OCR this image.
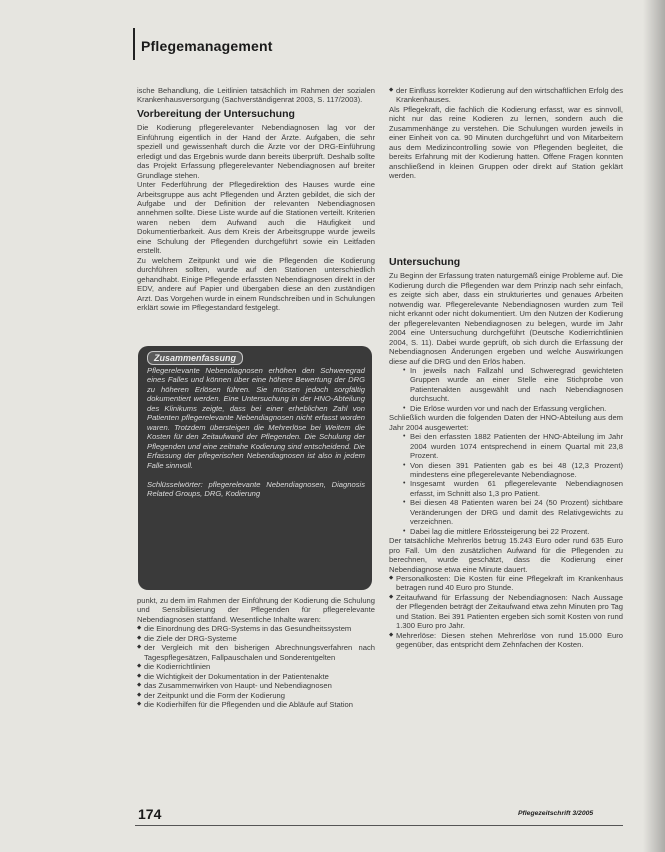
Pflegemanagement

ische Behandlung, die Leitlinien tatsächlich im Rahmen der sozialen Krankenhausversorgung (Sachverständigenrat 2003, S. 117/2003).

Vorbereitung der Untersuchung

Die Kodierung pflegerelevanter Nebendiagnosen lag vor der Einführung eigentlich in der Hand der Ärzte. Aufgaben, die sehr speziell und gewissenhaft durch die Ärzte vor der DRG-Einführung erledigt und das Ergebnis wurde dann bereits überprüft. Deshalb sollte das Projekt Erfassung pflegerelevanter Nebendiagnosen auf breiter Grundlage stehen.

Unter Federführung der Pflegedirektion des Hauses wurde eine Arbeitsgruppe aus acht Pflegenden und Ärzten gebildet, die sich der Aufgabe und der Definition der relevanten Nebendiagnosen annehmen sollte. Diese Liste wurde auf die Stationen verteilt. Kriterien waren neben dem Aufwand auch die Häufigkeit und Dokumentierbarkeit. Aus dem Kreis der Arbeitsgruppe wurde jeweils eine Schulung der Pflegenden durchgeführt sowie ein Leitfaden erstellt.

Zu welchem Zeitpunkt und wie die Pflegenden die Kodierung durchführen sollten, wurde auf den Stationen unterschiedlich gehandhabt. Einige Pflegende erfassten Nebendiagnosen direkt in der EDV, andere auf Papier und übergaben diese an den zuständigen Arzt. Das Vorgehen wurde in einem Rundschreiben und in Schulungen erklärt sowie im Pflegestandard festgelegt.

Pflegerelevante Nebendiagnosen erhöhen den Schweregrad eines Falles und können über eine höhere Bewertung der DRG zu höheren Erlösen führen. Sie müssen jedoch sorgfältig dokumentiert werden. Eine Untersuchung in der HNO-Abteilung des Klinikums zeigte, dass bei einer erheblichen Zahl von Patienten pflegerelevante Nebendiagnosen nicht erfasst worden waren. Trotzdem übersteigen die Mehrerlöse bei Weitem die Kosten für den Zeitaufwand der Pflegenden. Die Schulung der Pflegenden und eine zeitnahe Kodierung sind entscheidend. Die Erfassung der pflegerischen Nebendiagnosen ist also in jedem Falle sinnvoll.

Schlüsselwörter: pflegerelevante Nebendiagnosen, Diagnosis Related Groups, DRG, Kodierung

Zusammenfassung

punkt, zu dem im Rahmen der Einführung der Kodierung die Schulung und Sensibilisierung der Pflegenden für pflegerelevante Nebendiagnosen stattfand. Wesentliche Inhalte waren:

◆ die Einordnung des DRG-Systems in das Gesundheitssystem
◆ die Ziele der DRG-Systeme
◆ der Vergleich mit den bisherigen Abrechnungsverfahren nach Tagespflegesätzen, Fallpauschalen und Sonderentgelten
◆ die Kodierrichtlinien
◆ die Wichtigkeit der Dokumentation in der Patientenakte
◆ das Zusammenwirken von Haupt- und Nebendiagnosen
◆ der Zeitpunkt und die Form der Kodierung
◆ die Kodierhilfen für die Pflegenden und die Abläufe auf Station
◆ der Einfluss korrekter Kodierung auf den wirtschaftlichen Erfolg des Krankenhauses.

Als Pflegekraft, die fachlich die Kodierung erfasst, war es sinnvoll, nicht nur das reine Kodieren zu lernen, sondern auch die Zusammenhänge zu verstehen. Die Schulungen wurden jeweils in einer Einheit von ca. 90 Minuten durchgeführt und von Mitarbeitern aus dem Medizincontrolling sowie von Pflegenden begleitet, die bereits Erfahrung mit der Kodierung hatten. Offene Fragen konnten anschließend in kleinen Gruppen oder direkt auf Station geklärt werden.

Untersuchung

Zu Beginn der Erfassung traten naturgemäß einige Probleme auf. Die Kodierung durch die Pflegenden war dem Prinzip nach sehr einfach, es zeigte sich aber, dass ein strukturiertes und genaues Arbeiten notwendig war. Pflegerelevante Nebendiagnosen wurden zum Teil nicht erkannt oder nicht dokumentiert. Um den Nutzen der Kodierung der pflegerelevanten Nebendiagnosen zu belegen, wurde im Jahr 2004 eine Untersuchung durchgeführt (Deutsche Kodierrichtlinien 2004, S. 11). Dabei wurde geprüft, ob sich durch die Erfassung der Nebendiagnosen Änderungen ergeben und welche Auswirkungen diese auf die DRG und den Erlös haben.

• In jeweils nach Fallzahl und Schweregrad gewichteten Gruppen wurde an einer Stelle eine Stichprobe von Patientenakten ausgewählt und nach Nebendiagnosen durchsucht.
• Die Erlöse wurden vor und nach der Erfassung verglichen.

Schließlich wurden die folgenden Daten der HNO-Abteilung aus dem Jahr 2004 ausgewertet:

• Bei den erfassten 1882 Patienten der HNO-Abteilung im Jahr 2004 wurden 1074 entsprechend in einem Quartal mit 23,8 Prozent.
• Von diesen 391 Patienten gab es bei 48 (12,3 Prozent) mindestens eine pflegerelevante Nebendiagnose.
• Insgesamt wurden 61 pflegerelevante Nebendiagnosen erfasst, im Schnitt also 1,3 pro Patient.
• Bei diesen 48 Patienten waren bei 24 (50 Prozent) sichtbare Veränderungen der DRG und damit des Relativgewichts zu verzeichnen.
• Dabei lag die mittlere Erlössteigerung bei 22 Prozent.

Der tatsächliche Mehrerlös betrug 15.243 Euro oder rund 635 Euro pro Fall. Um den zusätzlichen Aufwand für die Pflegenden zu berechnen, wurde geschätzt, dass die Kodierung einer Nebendiagnose etwa eine Minute dauert.

◆ Personalkosten: Die Kosten für eine Pflegekraft im Krankenhaus betragen rund 40 Euro pro Stunde.
◆ Zeitaufwand für Erfassung der Nebendiagnosen: Nach Aussage der Pflegenden beträgt der Zeitaufwand etwa zehn Minuten pro Tag und Station. Bei 391 Patienten ergeben sich somit Kosten von rund 1.300 Euro pro Jahr.
◆ Mehrerlöse: Diesen stehen Mehrerlöse von rund 15.000 Euro gegenüber, das entspricht dem Zehnfachen der Kosten.
174	Pflegezeitschrift 3/2005
